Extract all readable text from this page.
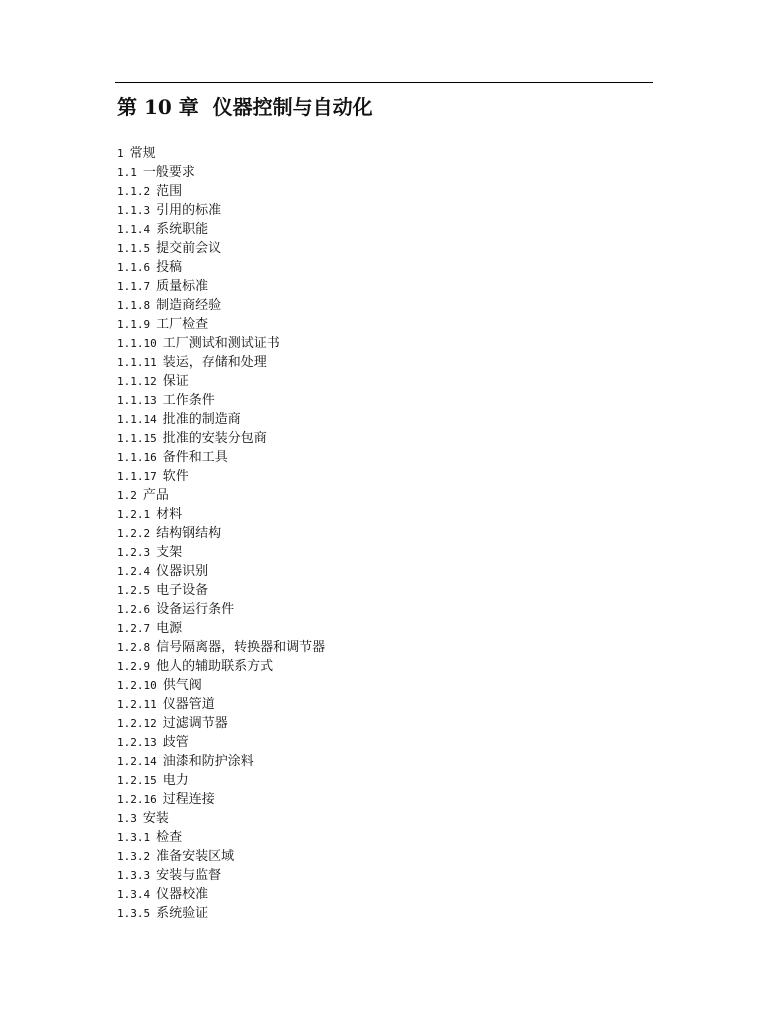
第 10 章  仪器控制与自动化
1 常规
1.1 一般要求
1.1.2 范围
1.1.3 引用的标准
1.1.4 系统职能
1.1.5 提交前会议
1.1.6 投稿
1.1.7 质量标准
1.1.8 制造商经验
1.1.9 工厂检查
1.1.10 工厂测试和测试证书
1.1.11 装运，存储和处理
1.1.12 保证
1.1.13 工作条件
1.1.14 批准的制造商
1.1.15 批准的安装分包商
1.1.16 备件和工具
1.1.17 软件
1.2 产品
1.2.1 材料
1.2.2 结构钢结构
1.2.3 支架
1.2.4 仪器识别
1.2.5 电子设备
1.2.6 设备运行条件
1.2.7 电源
1.2.8 信号隔离器，转换器和调节器
1.2.9 他人的辅助联系方式
1.2.10 供气阀
1.2.11 仪器管道
1.2.12 过滤调节器
1.2.13 歧管
1.2.14 油漆和防护涂料
1.2.15 电力
1.2.16 过程连接
1.3 安装
1.3.1 检查
1.3.2 准备安装区域
1.3.3 安装与监督
1.3.4 仪器校准
1.3.5 系统验证
